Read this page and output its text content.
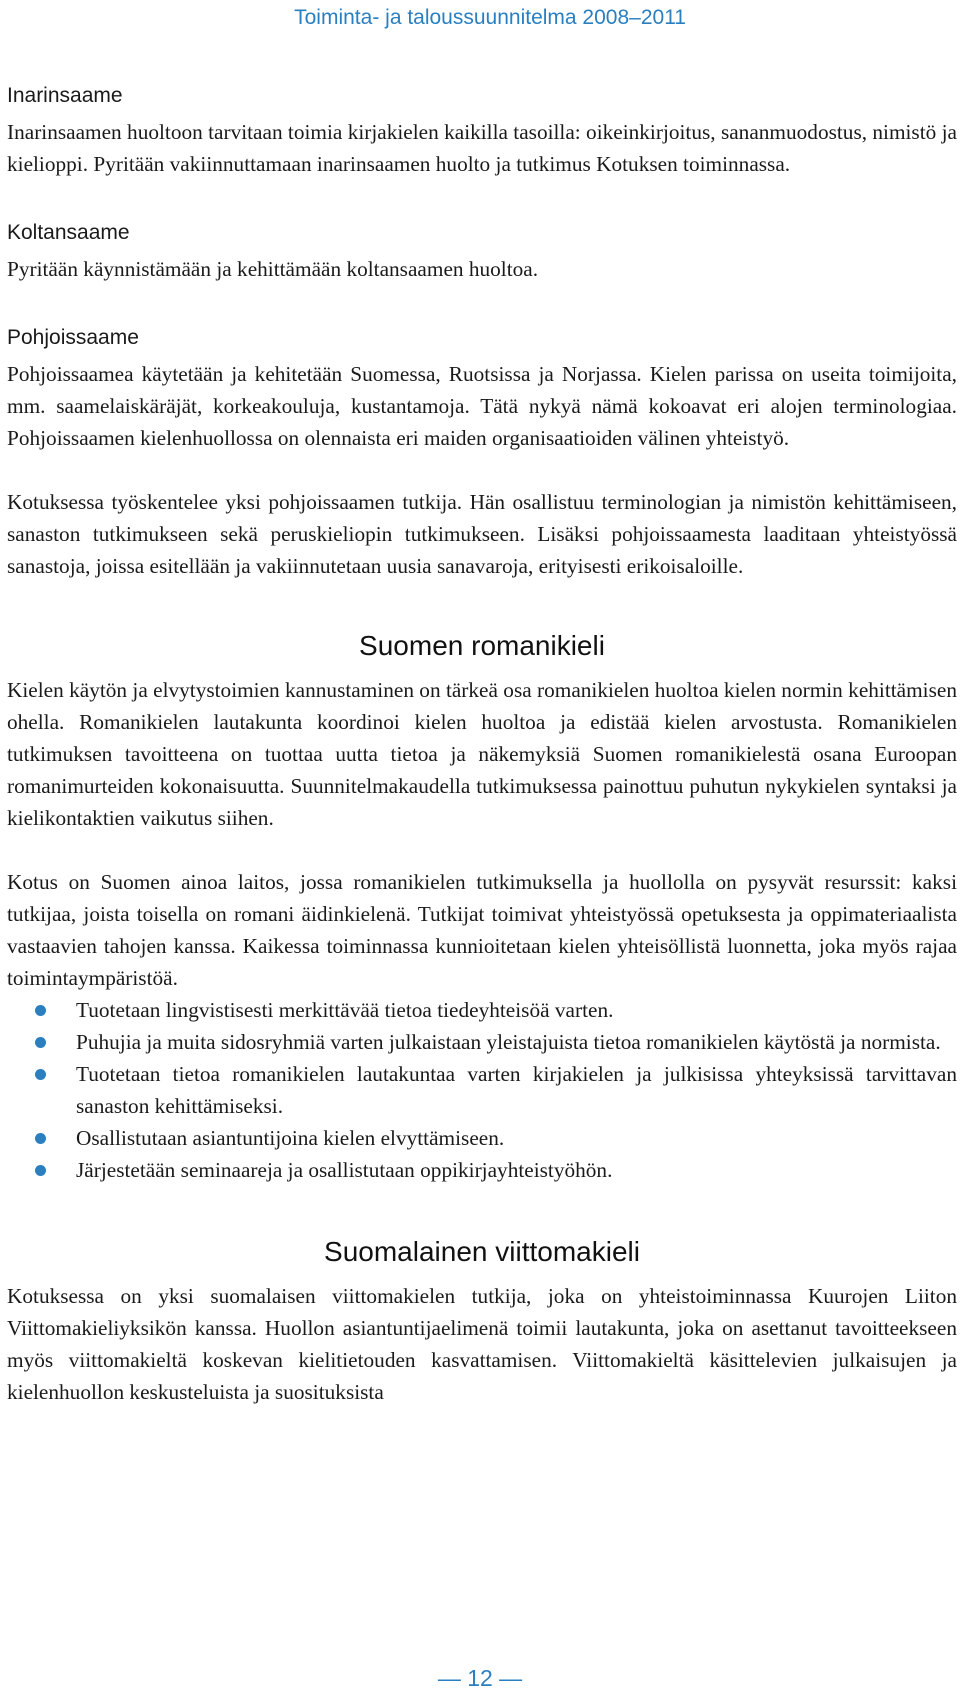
Toiminta- ja taloussuunnitelma 2008–2011
Inarinsaame

Inarinsaamen huoltoon tarvitaan toimia kirjakielen kaikilla tasoilla: oikeinkirjoitus, sananmuodostus, nimistö ja kielioppi. Pyritään vakiinnuttamaan inarinsaamen huolto ja tutkimus Kotuksen toiminnassa.

Koltansaame

Pyritään käynnistämään ja kehittämään koltansaamen huoltoa.

Pohjoissaame

Pohjoissaamea käytetään ja kehitetään Suomessa, Ruotsissa ja Norjassa. Kielen parissa on useita toimijoita, mm. saamelaiskäräjät, korkeakouluja, kustantamoja. Tätä nykyä nämä kokoavat eri alojen terminologiaa. Pohjoissaamen kielenhuollossa on olennaista eri maiden organisaatioiden välinen yhteistyö.

Kotuksessa työskentelee yksi pohjoissaamen tutkija. Hän osallistuu terminologian ja nimistön kehittämiseen, sanaston tutkimukseen sekä peruskieliopin tutkimukseen. Lisäksi pohjoissaamesta laaditaan yhteistyössä sanastoja, joissa esitellään ja vakiinnutetaan uusia sanavaroja, erityisesti erikoisaloille.

Suomen romanikieli

Kielen käytön ja elvytystoimien kannustaminen on tärkeä osa romanikielen huoltoa kielen normin kehittämisen ohella. Romanikielen lautakunta koordinoi kielen huoltoa ja edistää kielen arvostusta. Romanikielen tutkimuksen tavoitteena on tuottaa uutta tietoa ja näkemyksiä Suomen romanikielestä osana Euroopan romanimurteiden kokonaisuutta. Suunnitelmakaudella tutkimuksessa painottuu puhutun nykykielen syntaksi ja kielikontaktien vaikutus siihen.

Kotus on Suomen ainoa laitos, jossa romanikielen tutkimuksella ja huollolla on pysyvät resurssit: kaksi tutkijaa, joista toisella on romani äidinkielenä. Tutkijat toimivat yhteistyössä opetuksesta ja oppimateriaalista vastaavien tahojen kanssa. Kaikessa toiminnassa kunnioitetaan kielen yhteisöllistä luonnetta, joka myös rajaa toimintaympäristöä.

Tuotetaan lingvistisesti merkittävää tietoa tiedeyhteisöä varten.
Puhujia ja muita sidosryhmiä varten julkaistaan yleistajuista tietoa romanikielen käytöstä ja normista.
Tuotetaan tietoa romanikielen lautakuntaa varten kirjakielen ja julkisissa yhteyksissä tarvittavan sanaston kehittämiseksi.
Osallistutaan asiantuntijoina kielen elvyttämiseen.
Järjestetään seminaareja ja osallistutaan oppikirjayhteistyöhön.
Suomalainen viittomakieli

Kotuksessa on yksi suomalaisen viittomakielen tutkija, joka on yhteistoiminnassa Kuurojen Liiton Viittomakieliyksikön kanssa. Huollon asiantuntijaelimenä toimii lautakunta, joka on asettanut tavoitteekseen myös viittomakieltä koskevan kielitietouden kasvattamisen. Viittomakieltä käsittelevien julkaisujen ja kielenhuollon keskusteluista ja suosituksista

— 12 —
